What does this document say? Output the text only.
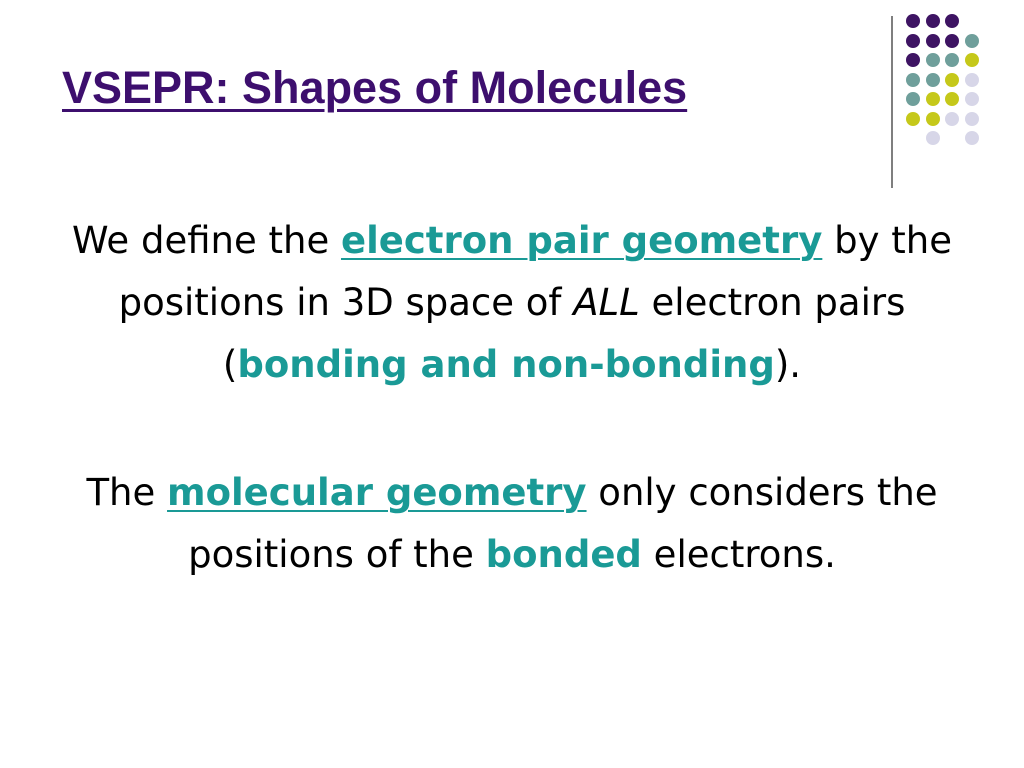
VSEPR: Shapes of Molecules

We define the electron pair geometry by the positions in 3D space of ALL electron pairs (bonding and non-bonding).

The molecular geometry only considers the positions of the bonded electrons.
